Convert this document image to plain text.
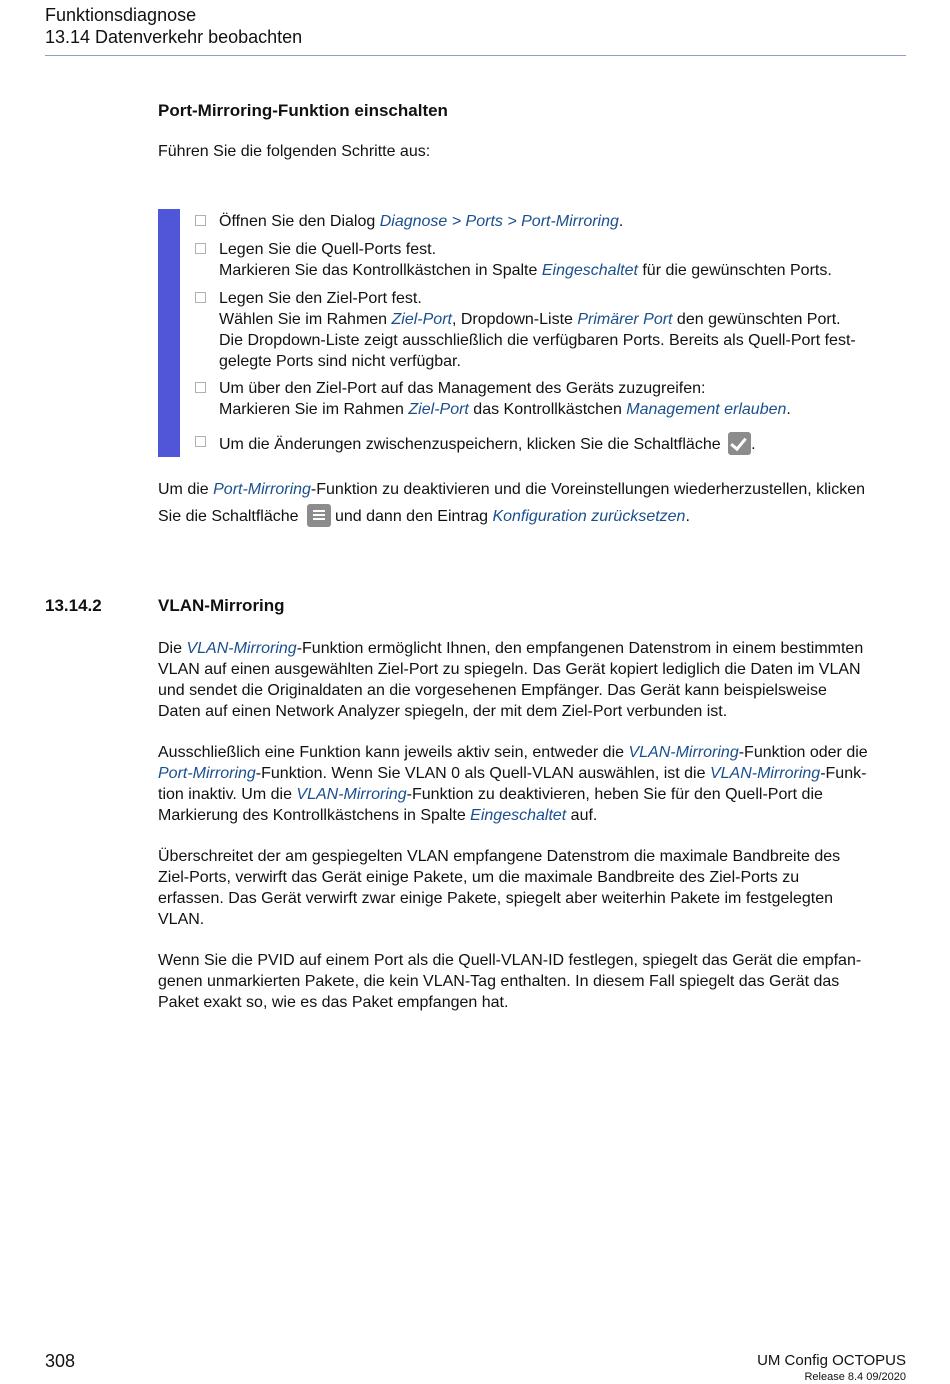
Funktionsdiagnose
13.14 Datenverkehr beobachten
Port-Mirroring-Funktion einschalten
Führen Sie die folgenden Schritte aus:
Öffnen Sie den Dialog Diagnose > Ports > Port-Mirroring.
Legen Sie die Quell-Ports fest.
Markieren Sie das Kontrollkästchen in Spalte Eingeschaltet für die gewünschten Ports.
Legen Sie den Ziel-Port fest.
Wählen Sie im Rahmen Ziel-Port, Dropdown-Liste Primärer Port den gewünschten Port.
Die Dropdown-Liste zeigt ausschließlich die verfügbaren Ports. Bereits als Quell-Port fest-
gelegte Ports sind nicht verfügbar.
Um über den Ziel-Port auf das Management des Geräts zuzugreifen:
Markieren Sie im Rahmen Ziel-Port das Kontrollkästchen Management erlauben.
Um die Änderungen zwischenzuspeichern, klicken Sie die Schaltfläche .
Um die Port-Mirroring-Funktion zu deaktivieren und die Voreinstellungen wiederherzustellen, klicken
Sie die Schaltfläche und dann den Eintrag Konfiguration zurücksetzen.
13.14.2	VLAN-Mirroring
Die VLAN-Mirroring-Funktion ermöglicht Ihnen, den empfangenen Datenstrom in einem bestimmten
VLAN auf einen ausgewählten Ziel-Port zu spiegeln. Das Gerät kopiert lediglich die Daten im VLAN
und sendet die Originaldaten an die vorgesehenen Empfänger. Das Gerät kann beispielsweise
Daten auf einen Network Analyzer spiegeln, der mit dem Ziel-Port verbunden ist.
Ausschließlich eine Funktion kann jeweils aktiv sein, entweder die VLAN-Mirroring-Funktion oder die
Port-Mirroring-Funktion. Wenn Sie VLAN 0 als Quell-VLAN auswählen, ist die VLAN-Mirroring-Funk-
tion inaktiv. Um die VLAN-Mirroring-Funktion zu deaktivieren, heben Sie für den Quell-Port die
Markierung des Kontrollkästchens in Spalte Eingeschaltet auf.
Überschreitet der am gespiegelten VLAN empfangene Datenstrom die maximale Bandbreite des
Ziel-Ports, verwirft das Gerät einige Pakete, um die maximale Bandbreite des Ziel-Ports zu
erfassen. Das Gerät verwirft zwar einige Pakete, spiegelt aber weiterhin Pakete im festgelegten
VLAN.
Wenn Sie die PVID auf einem Port als die Quell-VLAN-ID festlegen, spiegelt das Gerät die empfan-
genen unmarkierten Pakete, die kein VLAN-Tag enthalten. In diesem Fall spiegelt das Gerät das
Paket exakt so, wie es das Paket empfangen hat.
308	UM Config OCTOPUS
Release 8.4 09/2020
